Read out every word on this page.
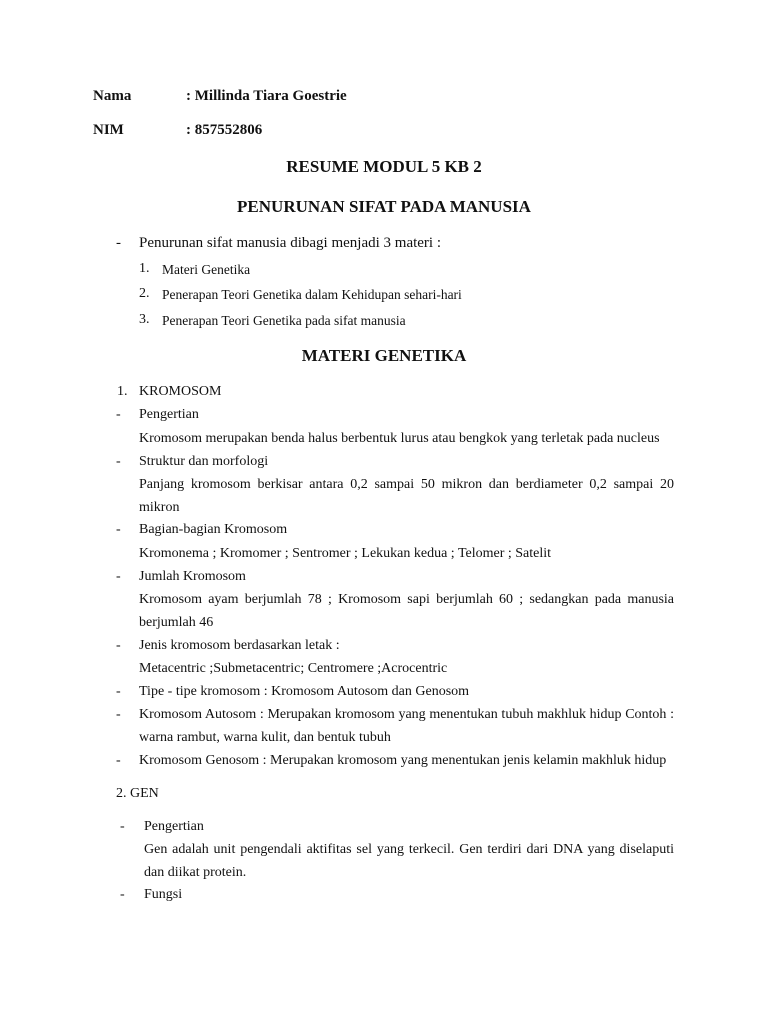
Nama	: Millinda Tiara Goestrie
NIM	: 857552806
RESUME MODUL 5 KB 2
PENURUNAN SIFAT PADA MANUSIA
- Penurunan sifat manusia dibagi menjadi 3 materi :
1. Materi Genetika
2. Penerapan Teori Genetika dalam Kehidupan sehari-hari
3. Penerapan Teori Genetika pada sifat manusia
MATERI GENETIKA
1. KROMOSOM
- Pengertian
Kromosom merupakan benda halus berbentuk lurus atau bengkok yang terletak pada nucleus
- Struktur dan morfologi
Panjang kromosom berkisar antara 0,2 sampai 50 mikron dan berdiameter 0,2 sampai 20 mikron
- Bagian-bagian Kromosom
Kromonema ; Kromomer ; Sentromer ; Lekukan kedua ; Telomer ; Satelit
- Jumlah Kromosom
Kromosom ayam berjumlah 78 ; Kromosom sapi berjumlah 60 ; sedangkan pada manusia berjumlah 46
- Jenis kromosom berdasarkan letak :
Metacentric ;Submetacentric; Centromere ;Acrocentric
- Tipe - tipe kromosom : Kromosom Autosom dan Genosom
- Kromosom Autosom : Merupakan kromosom yang menentukan tubuh makhluk hidup Contoh : warna rambut, warna kulit, dan bentuk tubuh
- Kromosom Genosom : Merupakan kromosom yang menentukan jenis kelamin makhluk hidup
2. GEN
- Pengertian
Gen adalah unit pengendali aktifitas sel yang terkecil. Gen terdiri dari DNA yang diselaputi dan diikat protein.
- Fungsi
